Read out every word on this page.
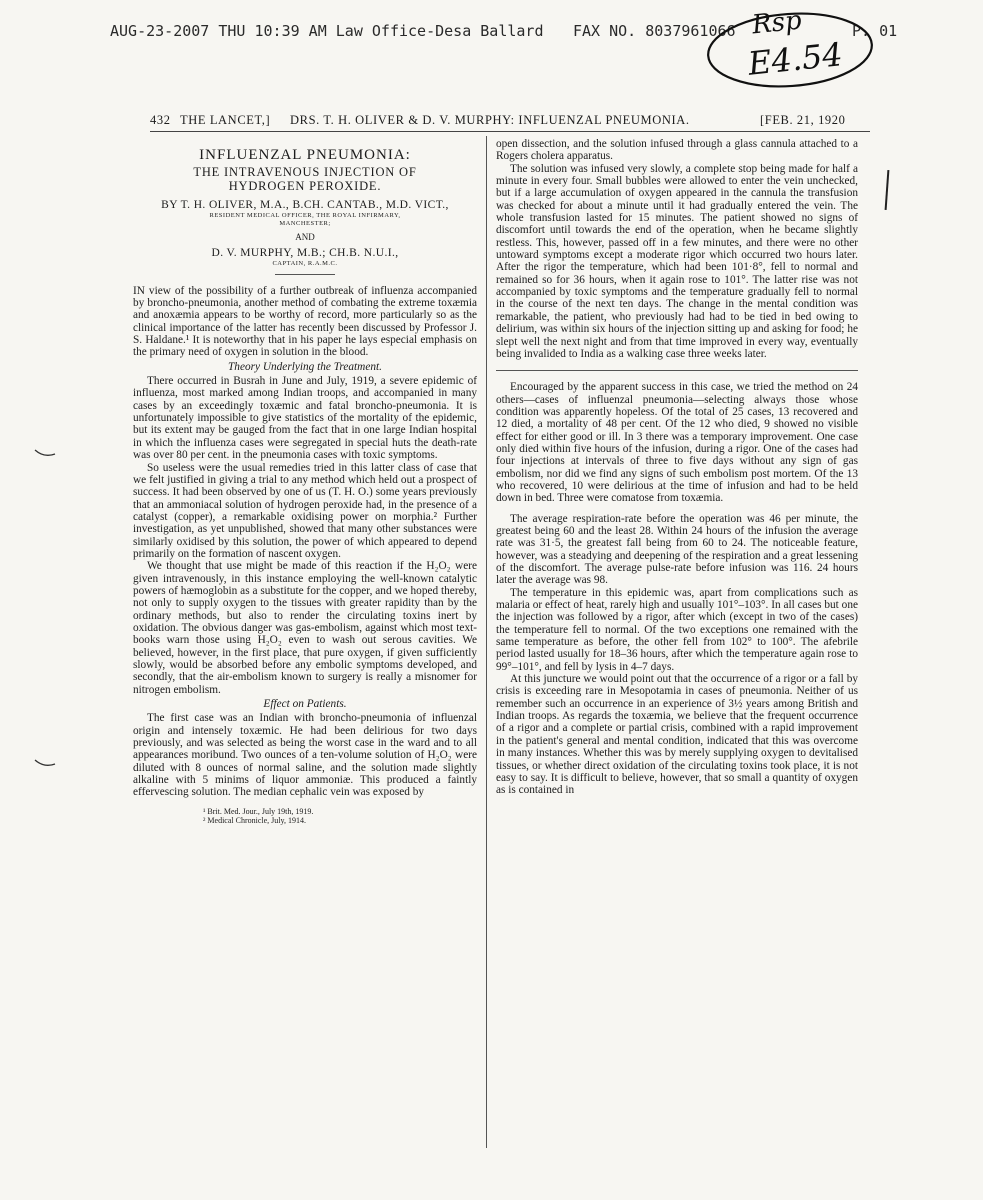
AUG-23-2007 THU 10:39 AM Law Office-Desa Ballard FAX NO. 8037961066	P. 01
Rsp
E4.54
432 THE LANCET,] DRS. T. H. OLIVER & D. V. MURPHY: INFLUENZAL PNEUMONIA.	[FEB. 21, 1920
INFLUENZAL PNEUMONIA:
THE INTRAVENOUS INJECTION OF
HYDROGEN PEROXIDE.
BY T. H. OLIVER, M.A., B.CH. CANTAB., M.D. VICT.,
RESIDENT MEDICAL OFFICER, THE ROYAL INFIRMARY,
MANCHESTER;
AND
D. V. MURPHY, M.B.; CH.B. N.U.I.,
CAPTAIN, R.A.M.C.

IN view of the possibility of a further outbreak of influenza accompanied by broncho-pneumonia, another method of combating the extreme toxæmia and anoxæmia appears to be worthy of record, more particularly so as the clinical importance of the latter has recently been discussed by Professor J. S. Haldane.¹ It is noteworthy that in his paper he lays especial emphasis on the primary need of oxygen in solution in the blood.

Theory Underlying the Treatment.

There occurred in Busrah in June and July, 1919, a severe epidemic of influenza, most marked among Indian troops, and accompanied in many cases by an exceedingly toxæmic and fatal broncho-pneumonia. It is unfortunately impossible to give statistics of the mortality of the epidemic, but its extent may be gauged from the fact that in one large Indian hospital in which the influenza cases were segregated in special huts the death-rate was over 80 per cent. in the pneumonia cases with toxic symptoms.

So useless were the usual remedies tried in this latter class of case that we felt justified in giving a trial to any method which held out a prospect of success. It had been observed by one of us (T. H. O.) some years previously that an ammoniacal solution of hydrogen peroxide had, in the presence of a catalyst (copper), a remarkable oxidising power on morphia.² Further investigation, as yet unpublished, showed that many other substances were similarly oxidised by this solution, the power of which appeared to depend primarily on the formation of nascent oxygen.

We thought that use might be made of this reaction if the H₂O₂ were given intravenously, in this instance employing the well-known catalytic powers of hæmoglobin as a substitute for the copper, and we hoped thereby, not only to supply oxygen to the tissues with greater rapidity than by the ordinary methods, but also to render the circulating toxins inert by oxidation. The obvious danger was gas-embolism, against which most text-books warn those using H₂O₂ even to wash out serous cavities. We believed, however, in the first place, that pure oxygen, if given sufficiently slowly, would be absorbed before any embolic symptoms developed, and secondly, that the air-embolism known to surgery is really a misnomer for nitrogen embolism.

Effect on Patients.

The first case was an Indian with broncho-pneumonia of influenzal origin and intensely toxæmic. He had been delirious for two days previously, and was selected as being the worst case in the ward and to all appearances moribund. Two ounces of a ten-volume solution of H₂O₂ were diluted with 8 ounces of normal saline, and the solution made slightly alkaline with 5 minims of liquor ammoniæ. This produced a faintly effervescing solution. The median cephalic vein was exposed by

¹ Brit. Med. Jour., July 19th, 1919.
² Medical Chronicle, July, 1914.

open dissection, and the solution infused through a glass cannula attached to a Rogers cholera apparatus.

The solution was infused very slowly, a complete stop being made for half a minute in every four. Small bubbles were allowed to enter the vein unchecked, but if a large accumulation of oxygen appeared in the cannula the transfusion was checked for about a minute until it had gradually entered the vein. The whole transfusion lasted for 15 minutes. The patient showed no signs of discomfort until towards the end of the operation, when he became slightly restless. This, however, passed off in a few minutes, and there were no other untoward symptoms except a moderate rigor which occurred two hours later. After the rigor the temperature, which had been 101·8°, fell to normal and remained so for 36 hours, when it again rose to 101°. The latter rise was not accompanied by toxic symptoms and the temperature gradually fell to normal in the course of the next ten days. The change in the mental condition was remarkable, the patient, who previously had had to be tied in bed owing to delirium, was within six hours of the injection sitting up and asking for food; he slept well the next night and from that time improved in every way, eventually being invalided to India as a walking case three weeks later.

Encouraged by the apparent success in this case, we tried the method on 24 others—cases of influenzal pneumonia—selecting always those whose condition was apparently hopeless. Of the total of 25 cases, 13 recovered and 12 died, a mortality of 48 per cent. Of the 12 who died, 9 showed no visible effect for either good or ill. In 3 there was a temporary improvement. One case only died within five hours of the infusion, during a rigor. One of the cases had four injections at intervals of three to five days without any sign of gas embolism, nor did we find any signs of such embolism post mortem. Of the 13 who recovered, 10 were delirious at the time of infusion and had to be held down in bed. Three were comatose from toxæmia.

The average respiration-rate before the operation was 46 per minute, the greatest being 60 and the least 28. Within 24 hours of the infusion the average rate was 31·5, the greatest fall being from 60 to 24. The noticeable feature, however, was a steadying and deepening of the respiration and a great lessening of the discomfort. The average pulse-rate before infusion was 116. 24 hours later the average was 98.

The temperature in this epidemic was, apart from complications such as malaria or effect of heat, rarely high and usually 101°–103°. In all cases but one the injection was followed by a rigor, after which (except in two of the cases) the temperature fell to normal. Of the two exceptions one remained with the same temperature as before, the other fell from 102° to 100°. The afebrile period lasted usually for 18–36 hours, after which the temperature again rose to 99°–101°, and fell by lysis in 4–7 days.

At this juncture we would point out that the occurrence of a rigor or a fall by crisis is exceeding rare in Mesopotamia in cases of pneumonia. Neither of us remember such an occurrence in an experience of 3½ years among British and Indian troops. As regards the toxæmia, we believe that the frequent occurrence of a rigor and a complete or partial crisis, combined with a rapid improvement in the patient's general and mental condition, indicated that this was overcome in many instances. Whether this was by merely supplying oxygen to devitalised tissues, or whether direct oxidation of the circulating toxins took place, it is not easy to say. It is difficult to believe, however, that so small a quantity of oxygen as is contained in
